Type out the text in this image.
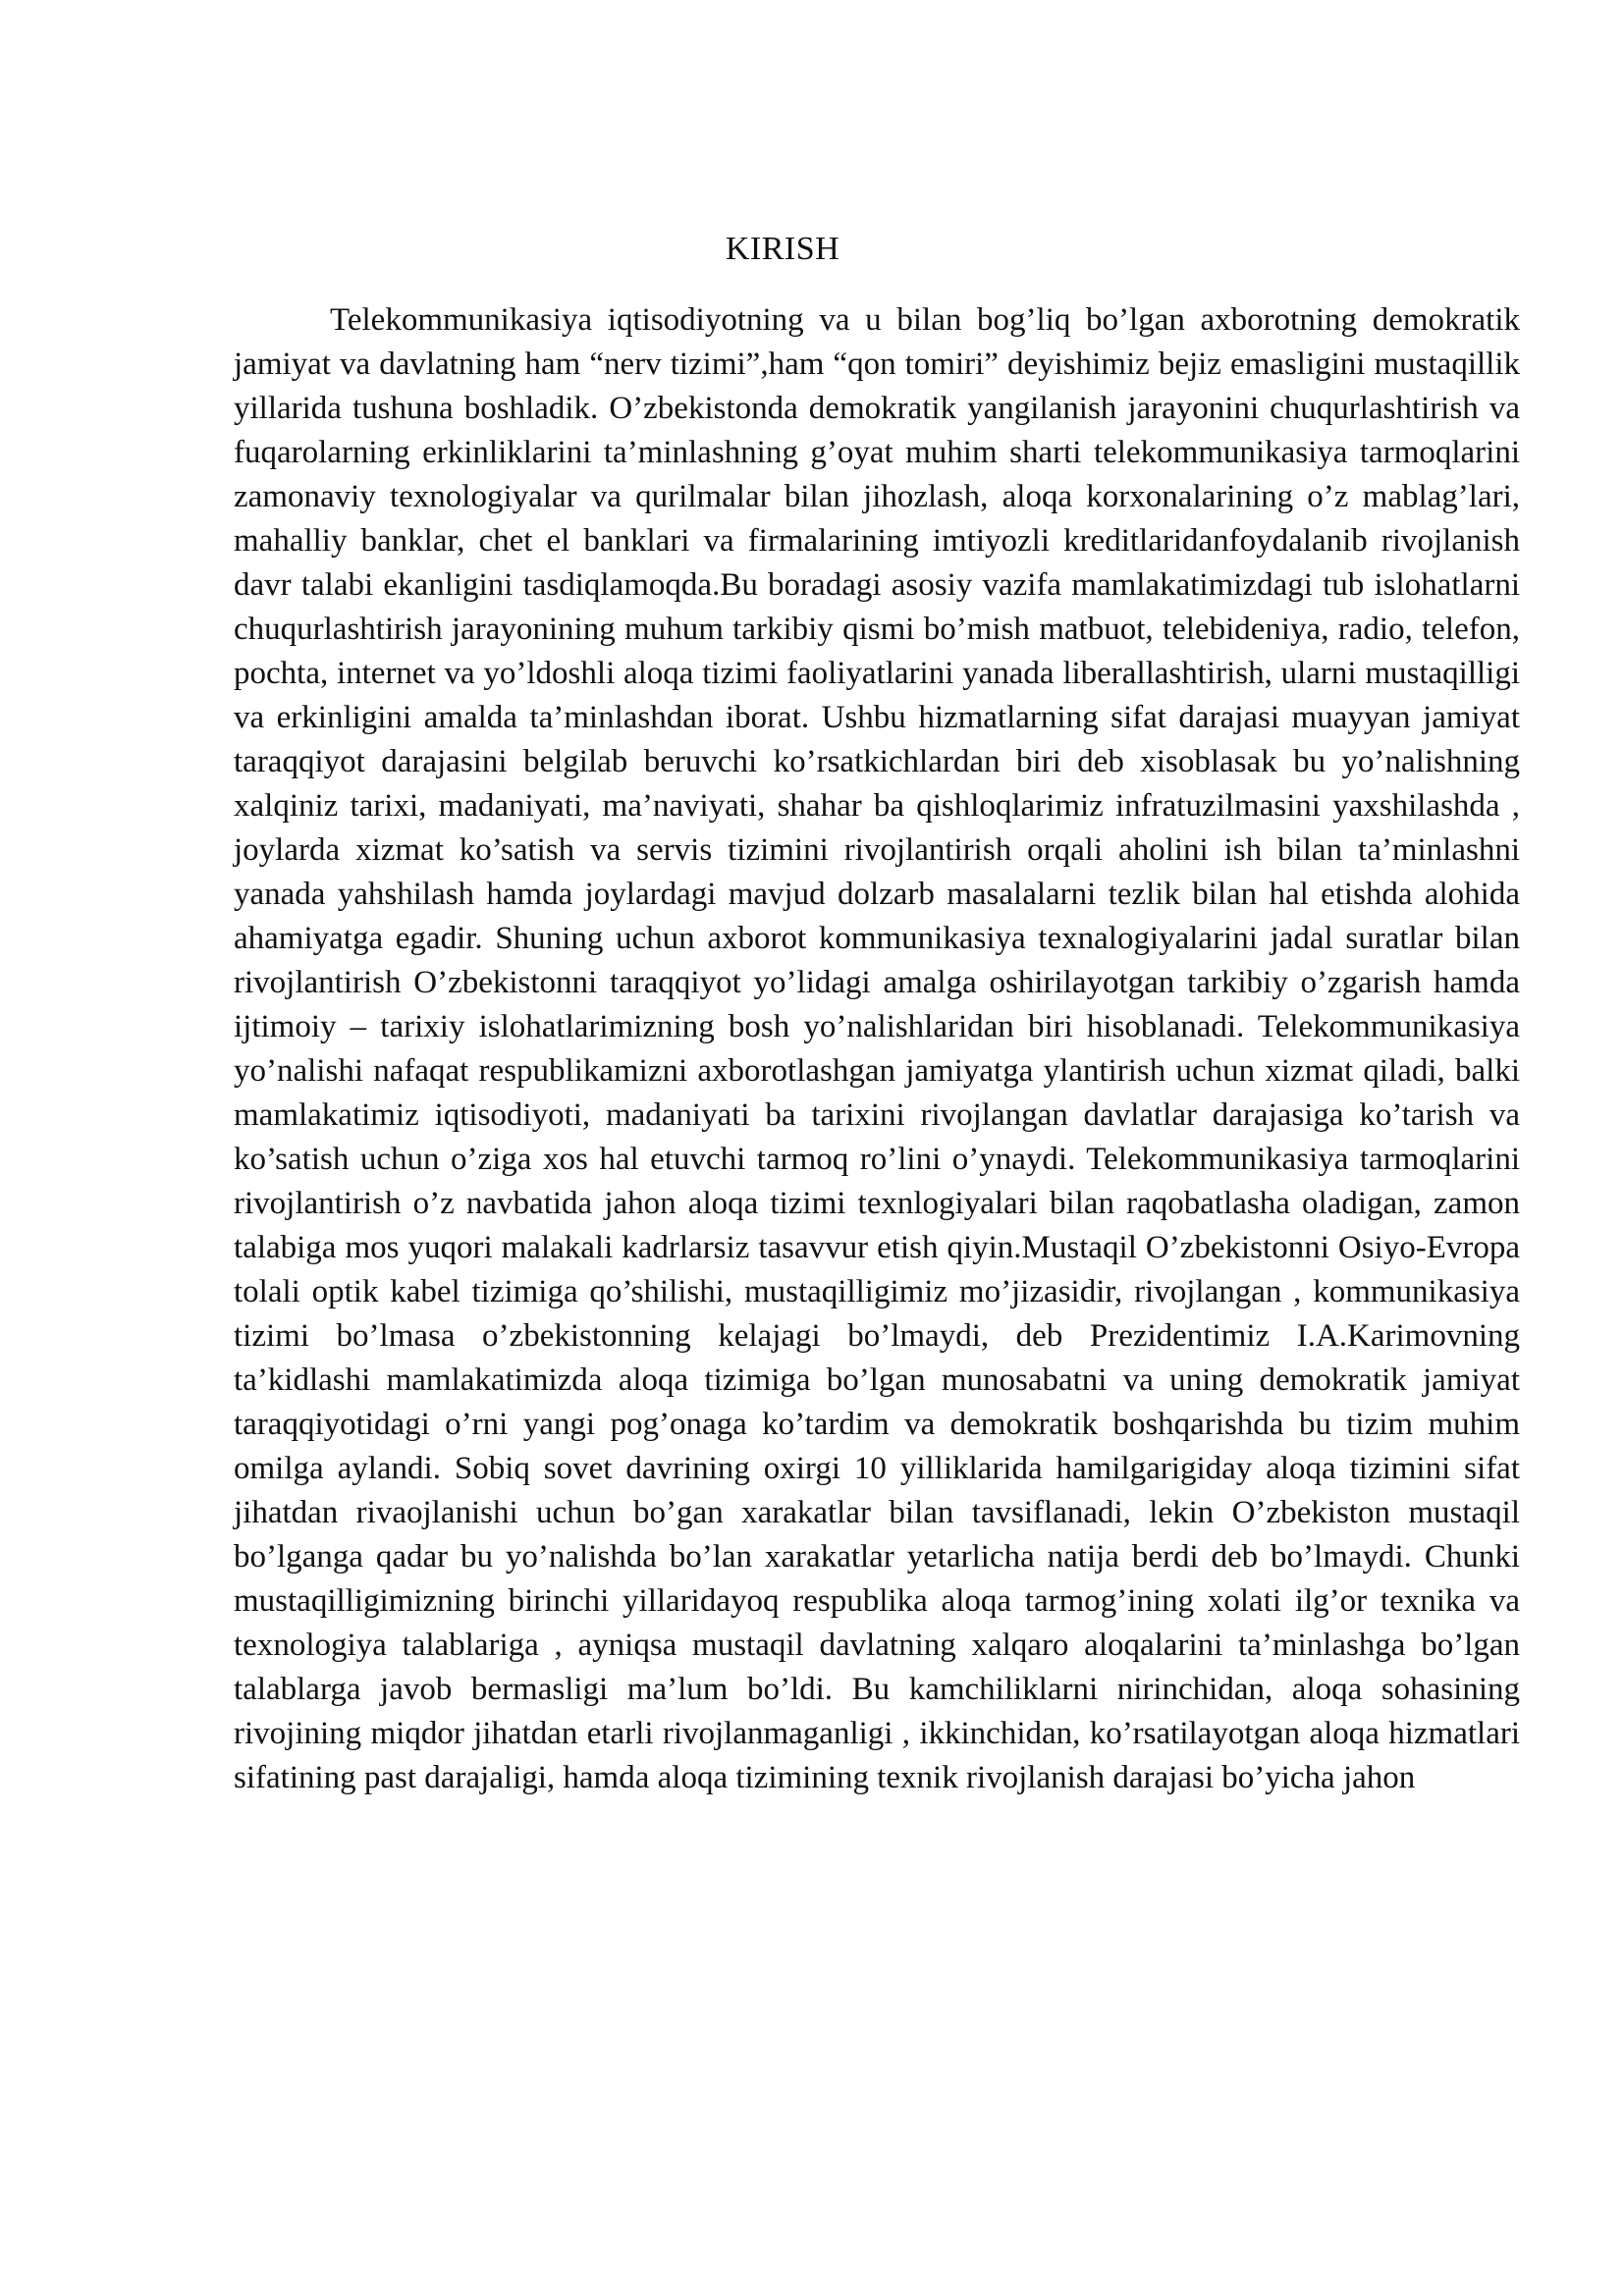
KIRISH

Telekommunikasiya iqtisodiyotning va u bilan bog’liq bo’lgan axborotning demokratik jamiyat va davlatning ham “nerv tizimi”,ham “qon tomiri” deyishimiz bejiz emasligini mustaqillik yillarida tushuna boshladik. O’zbekistonda demokratik yangilanish jarayonini chuqurlashtirish va fuqarolarning erkinliklarini ta’minlashning g’oyat muhim sharti telekommunikasiya tarmoqlarini zamonaviy texnologiyalar va qurilmalar bilan jihozlash, aloqa korxonalarining o’z mablag’lari, mahalliy banklar, chet el banklari va firmalarining imtiyozli kreditlaridanfoydalanib rivojlanish davr talabi ekanligini tasdiqlamoqda.Bu boradagi asosiy vazifa mamlakatimizdagi tub islohatlarni chuqurlashtirish jarayonining muhum tarkibiy qismi bo’mish matbuot, telebideniya, radio, telefon, pochta, internet va yo’ldoshli aloqa tizimi faoliyatlarini yanada liberallashtirish, ularni mustaqilligi va erkinligini amalda ta’minlashdan iborat. Ushbu hizmatlarning sifat darajasi muayyan jamiyat taraqqiyot darajasini belgilab beruvchi ko’rsatkichlardan biri deb xisoblasak bu yo’nalishning xalqiniz tarixi, madaniyati, ma’naviyati, shahar ba qishloqlarimiz infratuzilmasini yaxshilashda , joylarda xizmat ko’satish va servis tizimini rivojlantirish orqali aholini ish bilan ta’minlashni yanada yahshilash hamda joylardagi mavjud dolzarb masalalarni tezlik bilan hal etishda alohida ahamiyatga egadir. Shuning uchun axborot kommunikasiya texnalogiyalarini jadal suratlar bilan rivojlantirish O’zbekistonni taraqqiyot yo’lidagi amalga oshirilayotgan tarkibiy o’zgarish hamda ijtimoiy – tarixiy islohatlarimizning bosh yo’nalishlaridan biri hisoblanadi. Telekommunikasiya yo’nalishi nafaqat respublikamizni axborotlashgan jamiyatga ylantirish uchun xizmat qiladi, balki mamlakatimiz iqtisodiyoti, madaniyati ba tarixini rivojlangan davlatlar darajasiga ko’tarish va ko’satish uchun o’ziga xos hal etuvchi tarmoq ro’lini o’ynaydi. Telekommunikasiya tarmoqlarini rivojlantirish o’z navbatida jahon aloqa tizimi texnlogiyalari bilan raqobatlasha oladigan, zamon talabiga mos yuqori malakali kadrlarsiz tasavvur etish qiyin.Mustaqil O’zbekistonni Osiyo-Evropa tolali optik kabel tizimiga qo’shilishi, mustaqilligimiz mo’jizasidir, rivojlangan , kommunikasiya tizimi bo’lmasa o’zbekistonning kelajagi bo’lmaydi, deb Prezidentimiz I.A.Karimovning ta’kidlashi mamlakatimizda aloqa tizimiga bo’lgan munosabatni va uning demokratik jamiyat taraqqiyotidagi o’rni yangi pog’onaga ko’tardim va demokratik boshqarishda bu tizim muhim omilga aylandi. Sobiq sovet davrining oxirgi 10 yilliklarida hamilgarigiday aloqa tizimini sifat jihatdan rivaojlanishi uchun bo’gan xarakatlar bilan tavsiflanadi, lekin O’zbekiston mustaqil bo’lganga qadar bu yo’nalishda bo’lan xarakatlar yetarlicha natija berdi deb bo’lmaydi. Chunki mustaqilligimizning birinchi yillaridayoq respublika aloqa tarmog’ining xolati ilg’or texnika va texnologiya talablariga , ayniqsa mustaqil davlatning xalqaro aloqalarini ta’minlashga bo’lgan talablarga javob bermasligi ma’lum bo’ldi. Bu kamchiliklarni nirinchidan, aloqa sohasining rivojining miqdor jihatdan etarli rivojlanmaganligi , ikkinchidan, ko’rsatilayotgan aloqa hizmatlari sifatining past darajaligi, hamda aloqa tizimining texnik rivojlanish darajasi bo’yicha jahon
